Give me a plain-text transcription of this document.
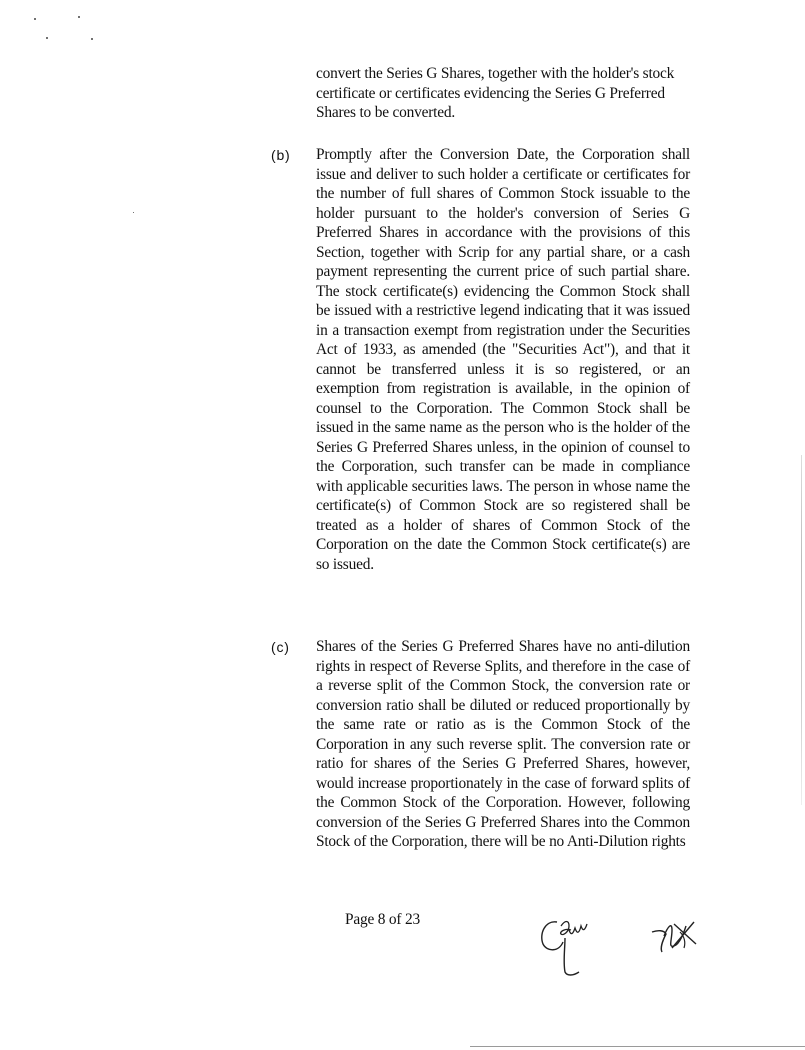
convert the Series G Shares, together with the holder's stock certificate or certificates evidencing the Series G Preferred Shares to be converted.
(b) Promptly after the Conversion Date, the Corporation shall issue and deliver to such holder a certificate or certificates for the number of full shares of Common Stock issuable to the holder pursuant to the holder's conversion of Series G Preferred Shares in accordance with the provisions of this Section, together with Scrip for any partial share, or a cash payment representing the current price of such partial share. The stock certificate(s) evidencing the Common Stock shall be issued with a restrictive legend indicating that it was issued in a transaction exempt from registration under the Securities Act of 1933, as amended (the "Securities Act"), and that it cannot be transferred unless it is so registered, or an exemption from registration is available, in the opinion of counsel to the Corporation. The Common Stock shall be issued in the same name as the person who is the holder of the Series G Preferred Shares unless, in the opinion of counsel to the Corporation, such transfer can be made in compliance with applicable securities laws. The person in whose name the certificate(s) of Common Stock are so registered shall be treated as a holder of shares of Common Stock of the Corporation on the date the Common Stock certificate(s) are so issued.
(c) Shares of the Series G Preferred Shares have no anti-dilution rights in respect of Reverse Splits, and therefore in the case of a reverse split of the Common Stock, the conversion rate or conversion ratio shall be diluted or reduced proportionally by the same rate or ratio as is the Common Stock of the Corporation in any such reverse split. The conversion rate or ratio for shares of the Series G Preferred Shares, however, would increase proportionately in the case of forward splits of the Common Stock of the Corporation. However, following conversion of the Series G Preferred Shares into the Common Stock of the Corporation, there will be no Anti-Dilution rights
Page 8 of 23
